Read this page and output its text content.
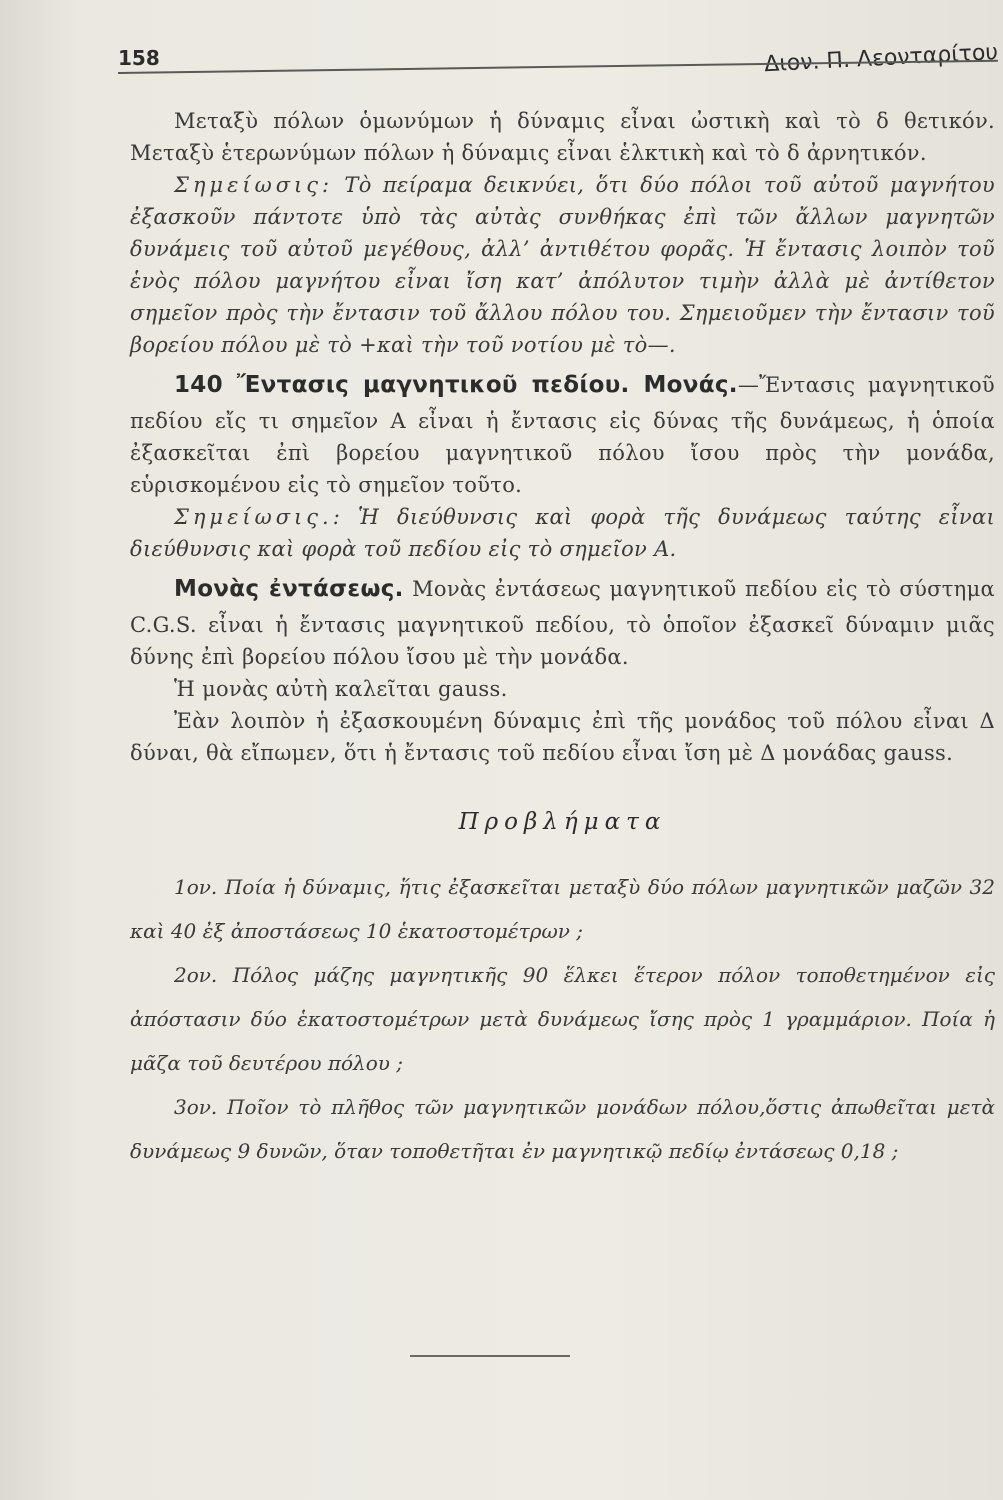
158	Διον. Π. Λεονταρίτου

Μεταξὺ πόλων ὁμωνύμων ἡ δύναμις εἶναι ὠστικὴ καὶ τὸ δ θετικόν. Μεταξὺ ἑτερωνύμων πόλων ἡ δύναμις εἶναι ἑλκτικὴ καὶ τὸ δ ἀρνητικόν.

Σημείωσις: Τὸ πείραμα δεικνύει, ὅτι δύο πόλοι τοῦ αὐτοῦ μαγνήτου ἐξασκοῦν πάντοτε ὑπὸ τὰς αὐτὰς συνθήκας ἐπὶ τῶν ἄλλων μαγνητῶν δυνάμεις τοῦ αὐτοῦ μεγέθους, ἀλλ’ ἀντιθέτου φορᾶς. Ἡ ἔντασις λοιπὸν τοῦ ἑνὸς πόλου μαγνήτου εἶναι ἴση κατ’ ἀπόλυτον τιμὴν ἀλλὰ μὲ ἀντίθετον σημεῖον πρὸς τὴν ἔντασιν τοῦ ἄλλου πόλου του. Σημειοῦμεν τὴν ἔντασιν τοῦ βορείου πόλου μὲ τὸ +καὶ τὴν τοῦ νοτίου μὲ τὸ—.

140 Ἔντασις μαγνητικοῦ πεδίου. Μονάς.—Ἔντασις μαγνητικοῦ πεδίου εἴς τι σημεῖον Α εἶναι ἡ ἔντασις εἰς δύνας τῆς δυνάμεως, ἡ ὁποία ἐξασκεῖται ἐπὶ βορείου μαγνητικοῦ πόλου ἴσου πρὸς τὴν μονάδα, εὑρισκομένου εἰς τὸ σημεῖον τοῦτο.

Σημείωσις.: Ἡ διεύθυνσις καὶ φορὰ τῆς δυνάμεως ταύτης εἶναι διεύθυνσις καὶ φορὰ τοῦ πεδίου εἰς τὸ σημεῖον Α.

Μονὰς ἐντάσεως. Μονὰς ἐντάσεως μαγνητικοῦ πεδίου εἰς τὸ σύστημα C.G.S. εἶναι ἡ ἔντασις μαγνητικοῦ πεδίου, τὸ ὁποῖον ἐξασκεῖ δύναμιν μιᾶς δύνης ἐπὶ βορείου πόλου ἴσου μὲ τὴν μονάδα.

Ἡ μονὰς αὐτὴ καλεῖται gauss.

Ἐὰν λοιπὸν ἡ ἐξασκουμένη δύναμις ἐπὶ τῆς μονάδος τοῦ πόλου εἶναι Δ δύναι, θὰ εἴπωμεν, ὅτι ἡ ἔντασις τοῦ πεδίου εἶναι ἴση μὲ Δ μονάδας gauss.

Προβλήματα

1ον. Ποία ἡ δύναμις, ἥτις ἐξασκεῖται μεταξὺ δύο πόλων μαγνητικῶν μαζῶν 32 καὶ 40 ἐξ ἀποστάσεως 10 ἑκατοστομέτρων ;

2ον. Πόλος μάζης μαγνητικῆς 90 ἕλκει ἕτερον πόλον τοποθετημένον εἰς ἀπόστασιν δύο ἑκατοστομέτρων μετὰ δυνάμεως ἴσης πρὸς 1 γραμμάριον. Ποία ἡ μᾶζα τοῦ δευτέρου πόλου ;

3ον. Ποῖον τὸ πλῆθος τῶν μαγνητικῶν μονάδων πόλου,ὅστις ἀπωθεῖται μετὰ δυνάμεως 9 δυνῶν, ὅταν τοποθετῆται ἐν μαγνητικῷ πεδίῳ ἐντάσεως 0,18 ;
